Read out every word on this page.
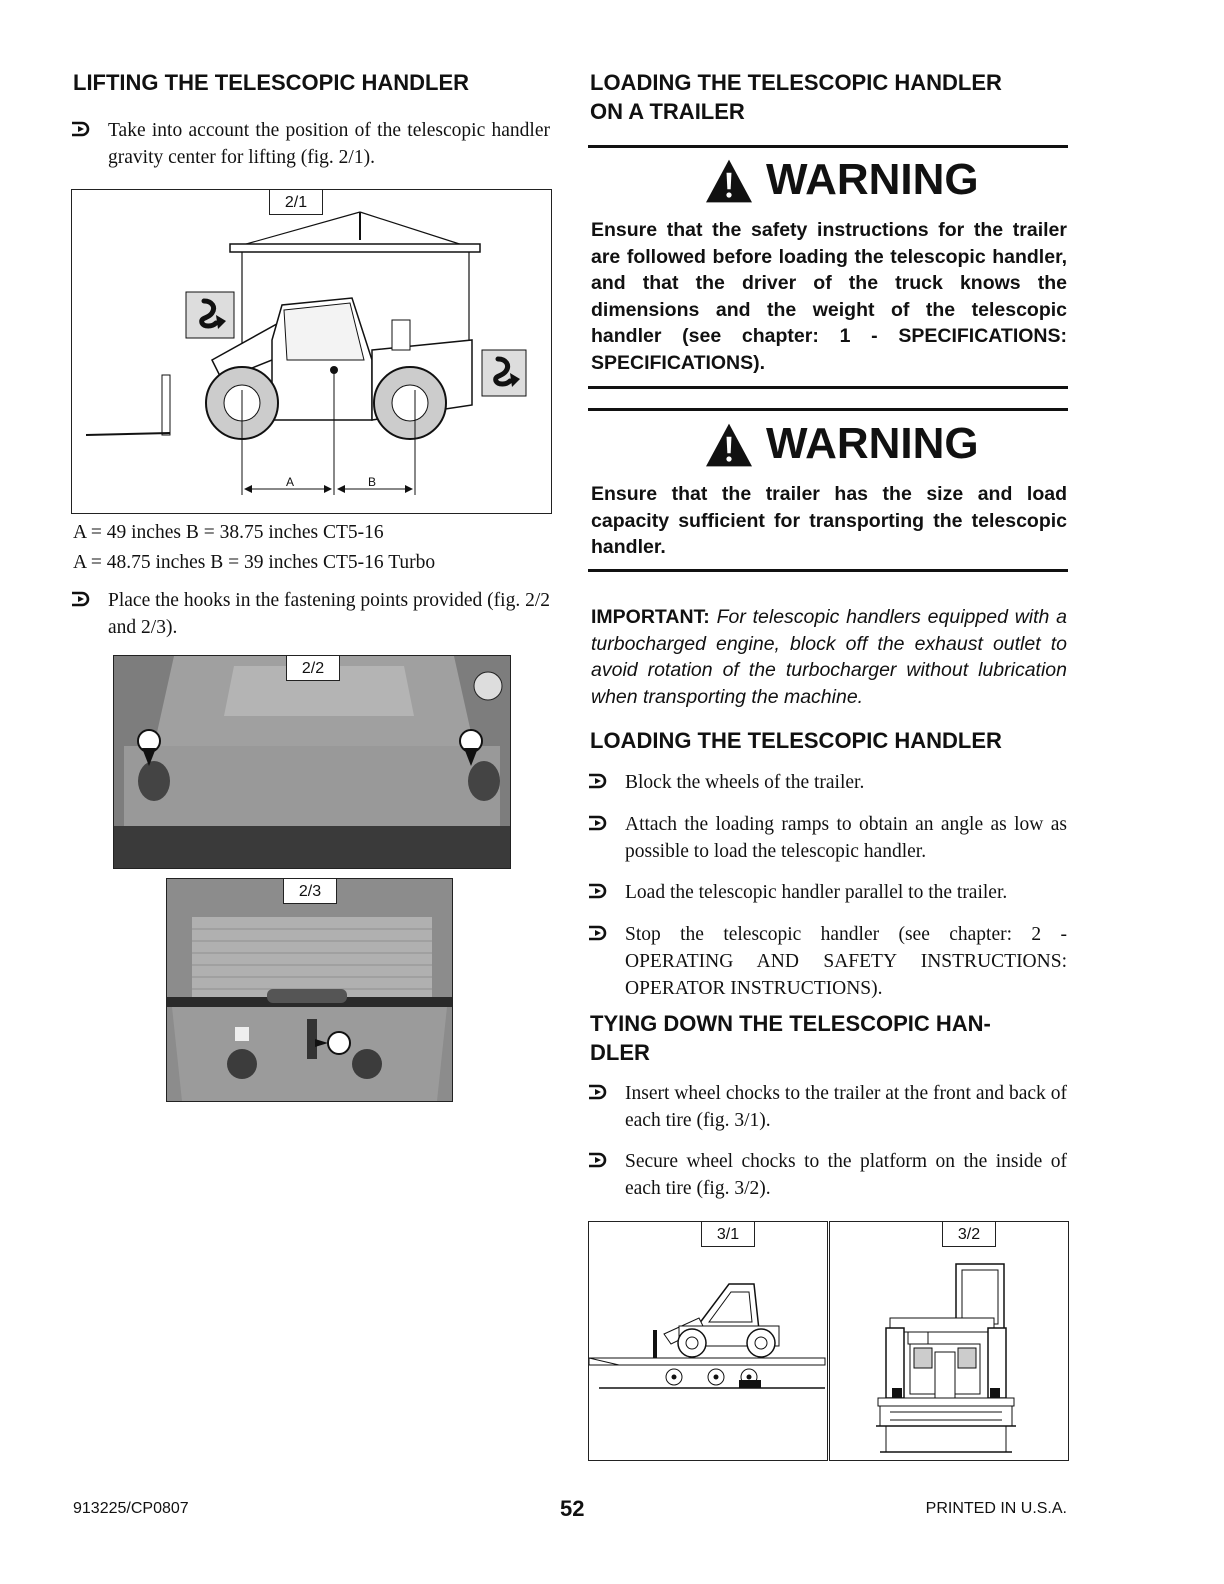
LIFTING THE TELESCOPIC HANDLER
Take into account the position of the telescopic handler gravity center for lifting (fig. 2/1).
2/1
A	B
A = 49 inches B = 38.75 inches CT5-16
A = 48.75 inches B = 39 inches CT5-16 Turbo
Place the hooks in the fastening points provided (fig. 2/2 and 2/3).
2/2
2/3
LOADING THE TELESCOPIC HANDLER
ON A TRAILER
WARNING

Ensure that the safety instructions for the trailer are followed before loading the telescopic handler, and that the driver of the truck knows the dimensions and the weight of the telescopic handler (see chapter: 1 - SPECIFICATIONS: SPECIFICATIONS).

WARNING

Ensure that the trailer has the size and load capacity sufficient for transporting the telescopic handler.

IMPORTANT: For telescopic handlers equipped with a turbocharged engine, block off the exhaust outlet to avoid rotation of the turbocharger without lubrication when transporting the machine.

LOADING THE TELESCOPIC HANDLER
Block the wheels of the trailer.
Attach the loading ramps to obtain an angle as low as possible to load the telescopic handler.
Load the telescopic handler parallel to the trailer.
Stop the telescopic handler (see chapter: 2 - OPERATING AND SAFETY INSTRUCTIONS: OPERATOR INSTRUCTIONS).
TYING DOWN THE TELESCOPIC HAN-
DLER
Insert wheel chocks to the trailer at the front and back of each tire (fig. 3/1).
Secure wheel chocks to the platform on the inside of each tire (fig. 3/2).
3/1	3/2
913225/CP0807	52	PRINTED IN U.S.A.
